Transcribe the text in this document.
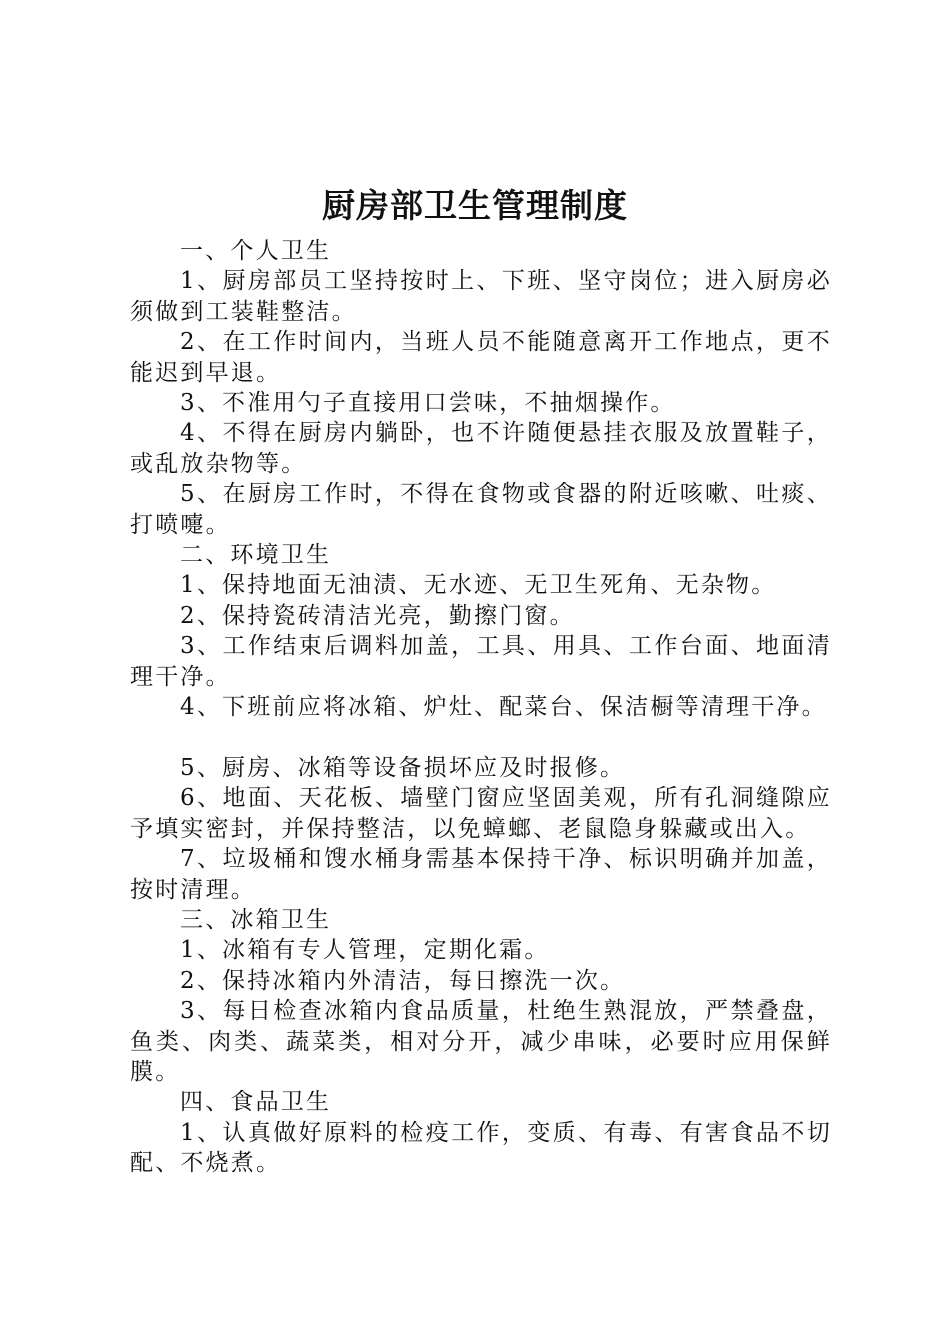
厨房部卫生管理制度

一、个人卫生

1、厨房部员工坚持按时上、下班、坚守岗位；进入厨房必须做到工装鞋整洁。

2、在工作时间内，当班人员不能随意离开工作地点，更不能迟到早退。

3、不准用勺子直接用口尝味，不抽烟操作。

4、不得在厨房内躺卧，也不许随便悬挂衣服及放置鞋子，或乱放杂物等。

5、在厨房工作时，不得在食物或食器的附近咳嗽、吐痰、打喷嚏。

二、环境卫生

1、保持地面无油渍、无水迹、无卫生死角、无杂物。

2、保持瓷砖清洁光亮，勤擦门窗。

3、工作结束后调料加盖，工具、用具、工作台面、地面清理干净。

4、下班前应将冰箱、炉灶、配菜台、保洁橱等清理干净。

5、厨房、冰箱等设备损坏应及时报修。

6、地面、天花板、墙壁门窗应坚固美观，所有孔洞缝隙应予填实密封，并保持整洁，以免蟑螂、老鼠隐身躲藏或出入。

7、垃圾桶和馊水桶身需基本保持干净、标识明确并加盖，按时清理。

三、冰箱卫生

1、冰箱有专人管理，定期化霜。

2、保持冰箱内外清洁，每日擦洗一次。

3、每日检查冰箱内食品质量，杜绝生熟混放，严禁叠盘，鱼类、肉类、蔬菜类，相对分开，减少串味，必要时应用保鲜膜。

四、食品卫生

1、认真做好原料的检疫工作，变质、有毒、有害食品不切配、不烧煮。
